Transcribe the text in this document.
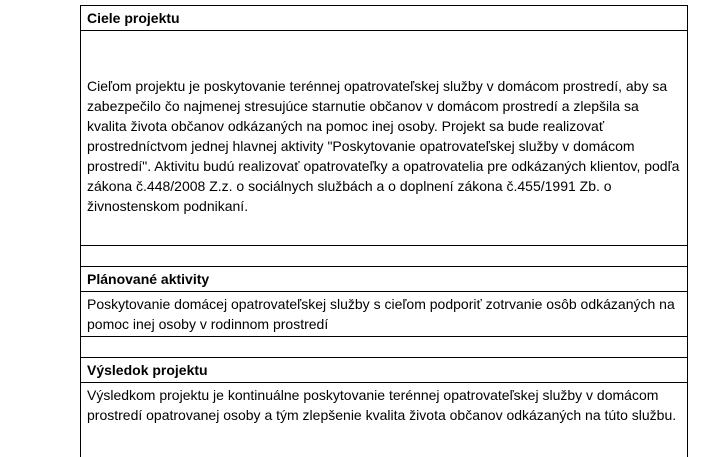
Ciele projektu
Cieľom projektu je poskytovanie terénnej opatrovateľskej služby v domácom prostredí, aby sa zabezpečilo čo najmenej stresujúce starnutie občanov v domácom prostredí a zlepšila sa kvalita života občanov odkázaných na pomoc inej osoby. Projekt sa bude realizovať prostredníctvom jednej hlavnej aktivity "Poskytovanie opatrovateľskej služby v domácom prostredí". Aktivitu budú realizovať opatrovateľky a opatrovatelia pre odkázaných klientov, podľa zákona č.448/2008 Z.z. o sociálnych službách a o doplnení zákona č.455/1991 Zb. o živnostenskom podnikaní.
Plánované aktivity
Poskytovanie domácej opatrovateľskej služby s cieľom podporiť zotrvanie osôb odkázaných na pomoc inej osoby v rodinnom prostredí
Výsledok projektu
Výsledkom projektu je kontinuálne poskytovanie terénnej opatrovateľskej služby v domácom prostredí opatrovanej osoby a tým zlepšenie kvalita života občanov odkázaných na túto službu.
